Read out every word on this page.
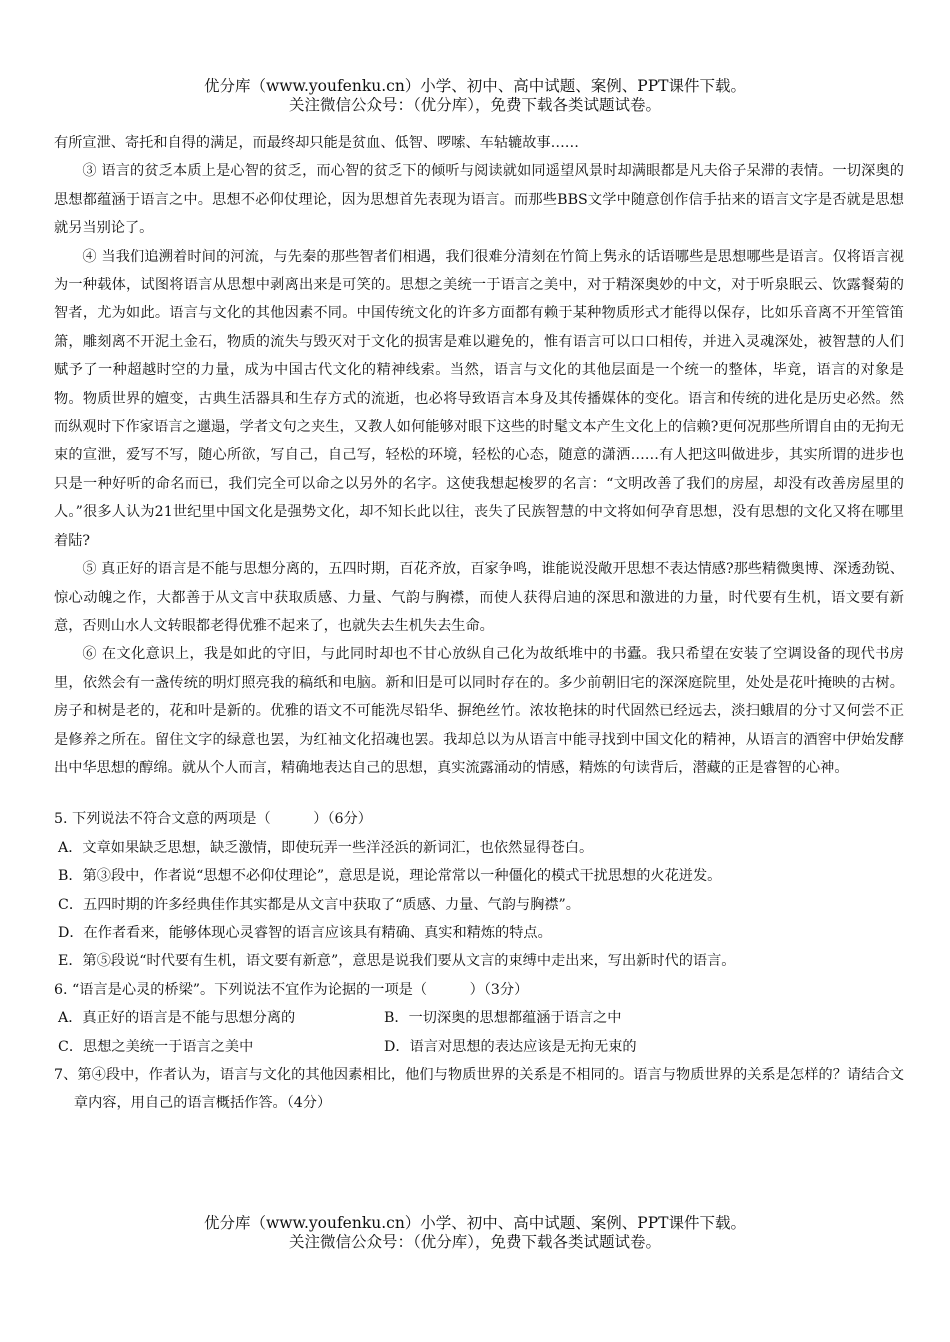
优分库（www.youfenku.cn）小学、初中、高中试题、案例、PPT课件下载。
关注微信公众号：（优分库），免费下载各类试题试卷。

有所宣泄、寄托和自得的满足，而最终却只能是贫血、低智、啰嗦、车轱辘故事……

③ 语言的贫乏本质上是心智的贫乏，而心智的贫乏下的倾听与阅读就如同遥望风景时却满眼都是凡夫俗子呆滞的表情。一切深奥的思想都蕴涵于语言之中。思想不必仰仗理论，因为思想首先表现为语言。而那些BBS文学中随意创作信手拈来的语言文字是否就是思想就另当别论了。

④ 当我们追溯着时间的河流，与先秦的那些智者们相遇，我们很难分清刻在竹简上隽永的话语哪些是思想哪些是语言。仅将语言视为一种载体，试图将语言从思想中剥离出来是可笑的。思想之美统一于语言之美中，对于精深奥妙的中文，对于听泉眠云、饮露餐菊的智者，尤为如此。语言与文化的其他因素不同。中国传统文化的许多方面都有赖于某种物质形式才能得以保存，比如乐音离不开笙管笛箫，雕刻离不开泥土金石，物质的流失与毁灭对于文化的损害是难以避免的，惟有语言可以口口相传，并进入灵魂深处，被智慧的人们赋予了一种超越时空的力量，成为中国古代文化的精神线索。当然，语言与文化的其他层面是一个统一的整体，毕竟，语言的对象是物。物质世界的嬗变，古典生活器具和生存方式的流逝，也必将导致语言本身及其传播媒体的变化。语言和传统的进化是历史必然。然而纵观时下作家语言之邋遢，学者文句之夹生，又教人如何能够对眼下这些的时髦文本产生文化上的信赖?更何况那些所谓自由的无拘无束的宣泄，爱写不写，随心所欲，写自己，自己写，轻松的环境，轻松的心态，随意的潇洒……有人把这叫做进步，其实所谓的进步也只是一种好听的命名而已，我们完全可以命之以另外的名字。这使我想起梭罗的名言：“文明改善了我们的房屋，却没有改善房屋里的人。”很多人认为21世纪里中国文化是强势文化，却不知长此以往，丧失了民族智慧的中文将如何孕育思想，没有思想的文化又将在哪里着陆?

⑤ 真正好的语言是不能与思想分离的，五四时期，百花齐放，百家争鸣，谁能说没敞开思想不表达情感?那些精微奥博、深透劲锐、惊心动魄之作，大都善于从文言中获取质感、力量、气韵与胸襟，而使人获得启迪的深思和激进的力量，时代要有生机，语文要有新意，否则山水人文转眼都老得优雅不起来了，也就失去生机失去生命。

⑥ 在文化意识上，我是如此的守旧，与此同时却也不甘心放纵自己化为故纸堆中的书蠹。我只希望在安装了空调设备的现代书房里，依然会有一盏传统的明灯照亮我的稿纸和电脑。新和旧是可以同时存在的。多少前朝旧宅的深深庭院里，处处是花叶掩映的古树。房子和树是老的，花和叶是新的。优雅的语文不可能洗尽铅华、摒绝丝竹。浓妆艳抹的时代固然已经远去，淡扫蛾眉的分寸又何尝不正是修养之所在。留住文字的绿意也罢，为红袖文化招魂也罢。我却总以为从语言中能寻找到中国文化的精神，从语言的酒窖中伊始发酵出中华思想的醇绵。就从个人而言，精确地表达自己的思想，真实流露涌动的情感，精炼的句读背后，潜藏的正是睿智的心神。

5. 下列说法不符合文意的两项是（　　　）（6分）

A．文章如果缺乏思想，缺乏激情，即使玩弄一些洋泾浜的新词汇，也依然显得苍白。

B．第③段中，作者说“思想不必仰仗理论”，意思是说，理论常常以一种僵化的模式干扰思想的火花迸发。

C．五四时期的许多经典佳作其实都是从文言中获取了“质感、力量、气韵与胸襟”。

D．在作者看来，能够体现心灵睿智的语言应该具有精确、真实和精炼的特点。

E．第⑤段说“时代要有生机，语文要有新意”，意思是说我们要从文言的束缚中走出来，写出新时代的语言。

6. “语言是心灵的桥梁”。下列说法不宜作为论据的一项是（　　　）（3分）

A．真正好的语言是不能与思想分离的	B．一切深奥的思想都蕴涵于语言之中
C．思想之美统一于语言之美中	D．语言对思想的表达应该是无拘无束的

7、第④段中，作者认为，语言与文化的其他因素相比，他们与物质世界的关系是不相同的。语言与物质世界的关系是怎样的？请结合文章内容，用自己的语言概括作答。（4分）

优分库（www.youfenku.cn）小学、初中、高中试题、案例、PPT课件下载。
关注微信公众号：（优分库），免费下载各类试题试卷。
